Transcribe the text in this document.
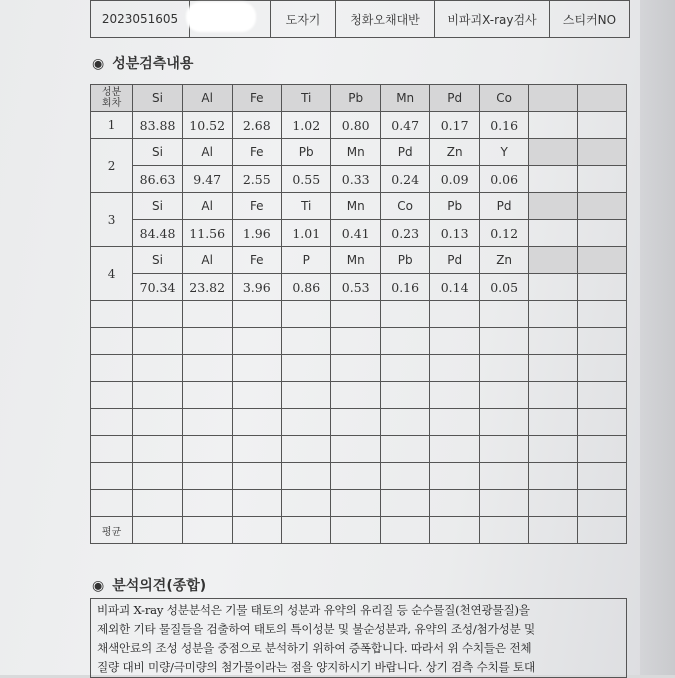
2023051605		도자기	청화오채대반	비파괴X-ray검사	스티커NO
◉ 성분검측내용
성분
회차	Si	Al	Fe	Ti	Pb	Mn	Pd	Co		
1	83.88	10.52	2.68	1.02	0.80	0.47	0.17	0.16		
2	Si	Al	Fe	Pb	Mn	Pd	Zn	Y		
	86.63	9.47	2.55	0.55	0.33	0.24	0.09	0.06		
3	Si	Al	Fe	Ti	Mn	Co	Pb	Pd		
	84.48	11.56	1.96	1.01	0.41	0.23	0.13	0.12		
4	Si	Al	Fe	P	Mn	Pb	Pd	Zn		
	70.34	23.82	3.96	0.86	0.53	0.16	0.14	0.05		

평균										
◉ 분석의견(종합)

비파괴 X-ray 성분분석은 기물 태토의 성분과 유약의 유리질 등 순수물질(천연광물질)을

제외한 기타 물질들을 검출하여 태토의 특이성분 및 불순성분과, 유약의 조성/첨가성분 및

채색안료의 조성 성분을 중점으로 분석하기 위하여 증폭합니다. 따라서 위 수치들은 전체

질량 대비 미량/극미량의 첨가물이라는 점을 양지하시기 바랍니다. 상기 검측 수치를 토대
